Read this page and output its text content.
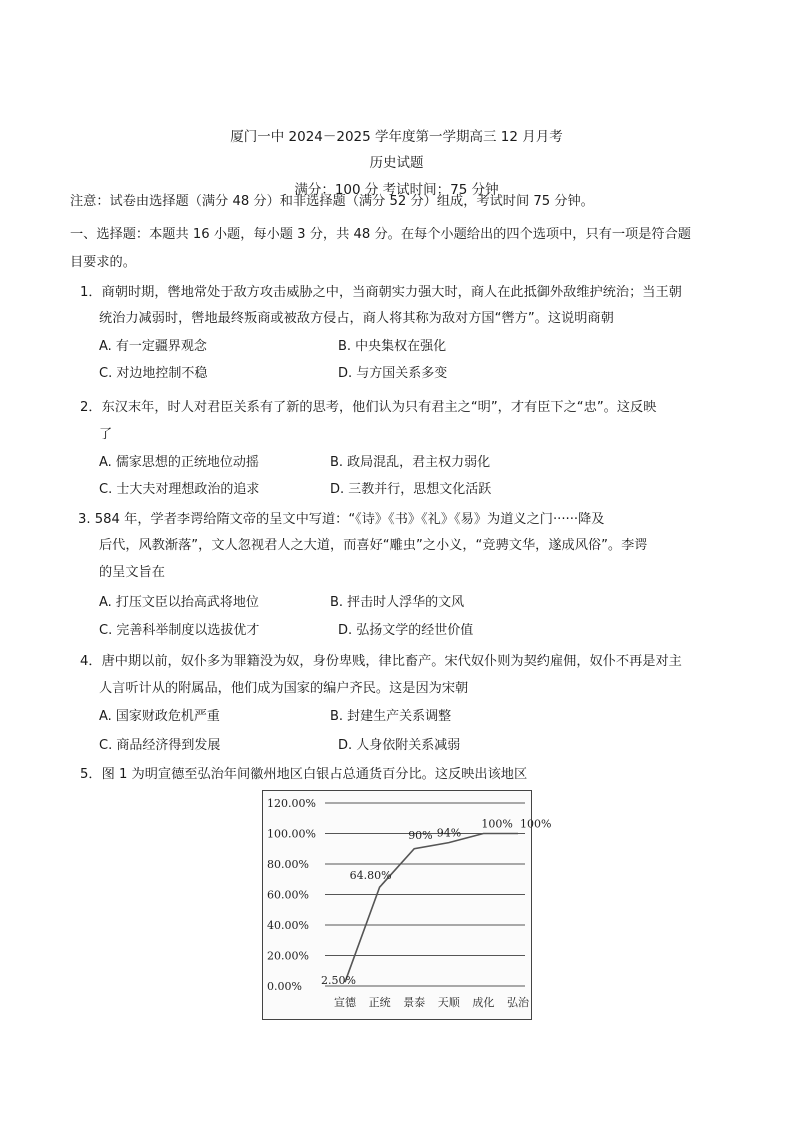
厦门一中 2024－2025 学年度第一学期高三 12 月月考
历史试题
满分：100 分 考试时间：75 分钟
注意：试卷由选择题（满分 48 分）和非选择题（满分 52 分）组成，考试时间 75 分钟。
一、选择题：本题共 16 小题，每小题 3 分，共 48 分。在每个小题给出的四个选项中，只有一项是符合题
目要求的。
1．商朝时期，辔地常处于敌方攻击威胁之中，当商朝实力强大时，商人在此抵御外敌维护统治；当王朝
统治力减弱时，辔地最终叛商或被敌方侵占，商人将其称为敌对方国“辔方”。这说明商朝
A. 有一定疆界观念	B. 中央集权在强化
C. 对边地控制不稳	D. 与方国关系多变
2．东汉末年，时人对君臣关系有了新的思考，他们认为只有君主之“明”，才有臣下之“忠”。这反映
了
A. 儒家思想的正统地位动摇	B. 政局混乱，君主权力弱化
C. 士大夫对理想政治的追求	D. 三教并行，思想文化活跃
3. 584 年，学者李谔给隋文帝的呈文中写道：“《诗》《书》《礼》《易》为道义之门······降及
后代，风教渐落”，文人忽视君人之大道，而喜好“雕虫”之小义，“竞骋文华，遂成风俗”。李谔
的呈文旨在
A. 打压文臣以抬高武将地位	B. 抨击时人浮华的文风
C. 完善科举制度以选拔优才	D. 弘扬文学的经世价值
4．唐中期以前，奴仆多为罪籍没为奴，身份卑贱，律比畜产。宋代奴仆则为契约雇佣，奴仆不再是对主
人言听计从的附属品，他们成为国家的编户齐民。这是因为宋朝
A. 国家财政危机严重	B. 封建生产关系调整
C. 商品经济得到发展	D. 人身依附关系减弱
5．图 1 为明宣德至弘治年间徽州地区白银占总通货百分比。这反映出该地区
0.00%
20.00%
40.00%
60.00%
80.00%
100.00%
120.00%
宣德 正统 景泰 天顺 成化 弘治
2.50%
64.80%
90% 94%
100% 100%
